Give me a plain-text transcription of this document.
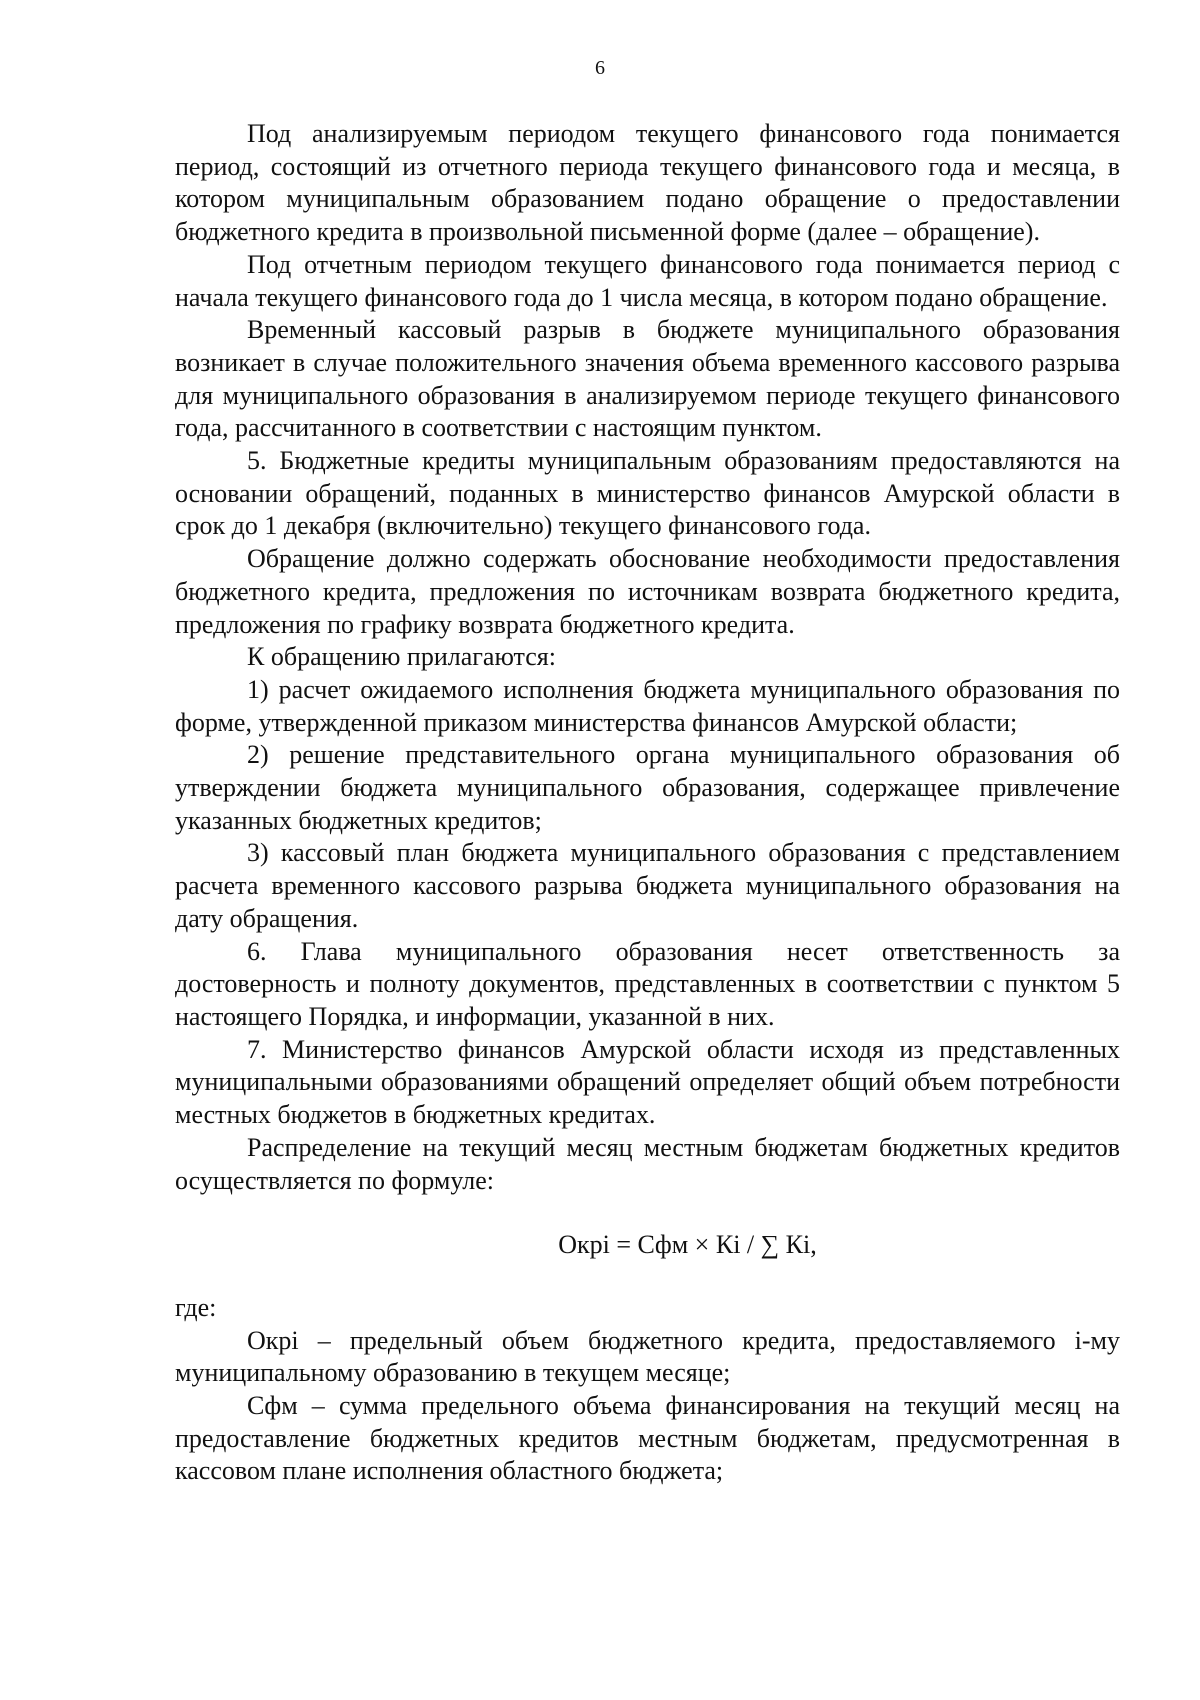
6

Под анализируемым периодом текущего финансового года понимается период, состоящий из отчетного периода текущего финансового года и месяца, в котором муниципальным образованием подано обращение о предоставлении бюджетного кредита в произвольной письменной форме (далее – обращение).

Под отчетным периодом текущего финансового года понимается период с начала текущего финансового года до 1 числа месяца, в котором подано обращение.

Временный кассовый разрыв в бюджете муниципального образования возникает в случае положительного значения объема временного кассового разрыва для муниципального образования в анализируемом периоде текущего финансового года, рассчитанного в соответствии с настоящим пунктом.

5. Бюджетные кредиты муниципальным образованиям предоставляются на основании обращений, поданных в министерство финансов Амурской области в срок до 1 декабря (включительно) текущего финансового года.

Обращение должно содержать обоснование необходимости предоставления бюджетного кредита, предложения по источникам возврата бюджетного кредита, предложения по графику возврата бюджетного кредита.

К обращению прилагаются:

1) расчет ожидаемого исполнения бюджета муниципального образования по форме, утвержденной приказом министерства финансов Амурской области;

2) решение представительного органа муниципального образования об утверждении бюджета муниципального образования, содержащее привлечение указанных бюджетных кредитов;

3) кассовый план бюджета муниципального образования с представлением расчета временного кассового разрыва бюджета муниципального образования на дату обращения.

6. Глава муниципального образования несет ответственность за достоверность и полноту документов, представленных в соответствии с пунктом 5 настоящего Порядка, и информации, указанной в них.

7. Министерство финансов Амурской области исходя из представленных муниципальными образованиями обращений определяет общий объем потребности местных бюджетов в бюджетных кредитах.

Распределение на текущий месяц местным бюджетам бюджетных кредитов осуществляется по формуле:

Окрi = Сфм × Кi / ∑ Кi,

где:

Окрi – предельный объем бюджетного кредита, предоставляемого i-му муниципальному образованию в текущем месяце;

Сфм – сумма предельного объема финансирования на текущий месяц на предоставление бюджетных кредитов местным бюджетам, предусмотренная в кассовом плане исполнения областного бюджета;
